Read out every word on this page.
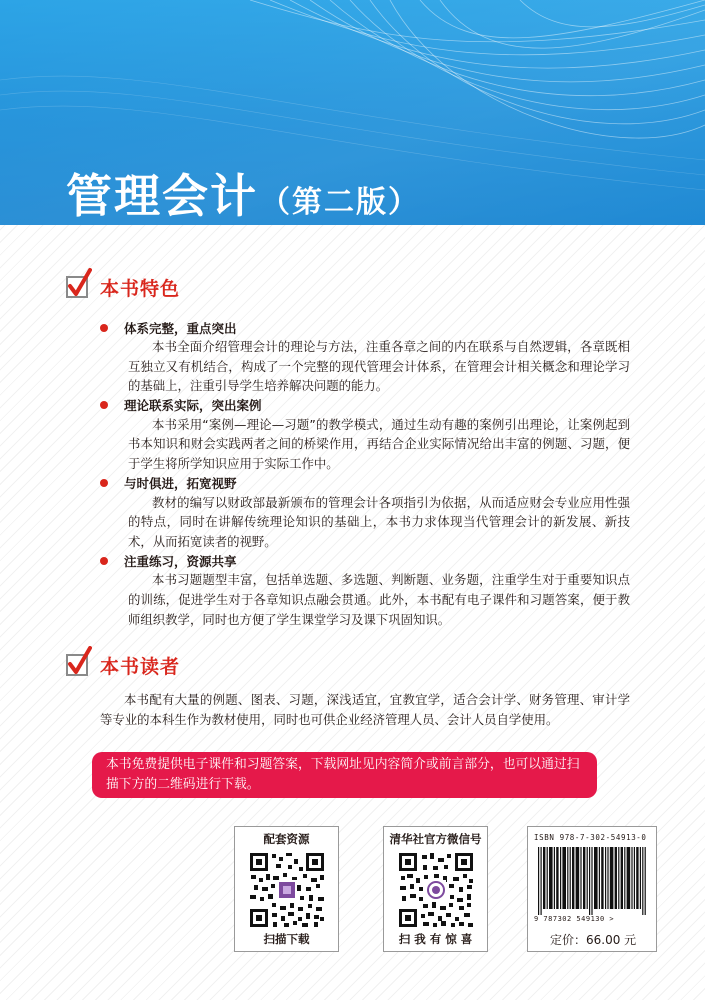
管理会计（第二版）
本书特色
体系完整，重点突出

本书全面介绍管理会计的理论与方法，注重各章之间的内在联系与自然逻辑，各章既相互独立又有机结合，构成了一个完整的现代管理会计体系，在管理会计相关概念和理论学习的基础上，注重引导学生培养解决问题的能力。

理论联系实际，突出案例

本书采用“案例—理论—习题”的教学模式，通过生动有趣的案例引出理论，让案例起到书本知识和财会实践两者之间的桥梁作用，再结合企业实际情况给出丰富的例题、习题，便于学生将所学知识应用于实际工作中。

与时俱进，拓宽视野

教材的编写以财政部最新颁布的管理会计各项指引为依据，从而适应财会专业应用性强的特点，同时在讲解传统理论知识的基础上，本书力求体现当代管理会计的新发展、新技术，从而拓宽读者的视野。

注重练习，资源共享

本书习题题型丰富，包括单选题、多选题、判断题、业务题，注重学生对于重要知识点的训练，促进学生对于各章知识点融会贯通。此外，本书配有电子课件和习题答案，便于教师组织教学，同时也方便了学生课堂学习及课下巩固知识。

本书读者
本书配有大量的例题、图表、习题，深浅适宜，宜教宜学，适合会计学、财务管理、审计学等专业的本科生作为教材使用，同时也可供企业经济管理人员、会计人员自学使用。
本书免费提供电子课件和习题答案，下载网址见内容简介或前言部分，也可以通过扫描下方的二维码进行下载。
配套资源
扫描下载
清华社官方微信号
扫 我 有 惊 喜
ISBN 978-7-302-54913-0
9 787302 549130 >
定价：66.00 元
